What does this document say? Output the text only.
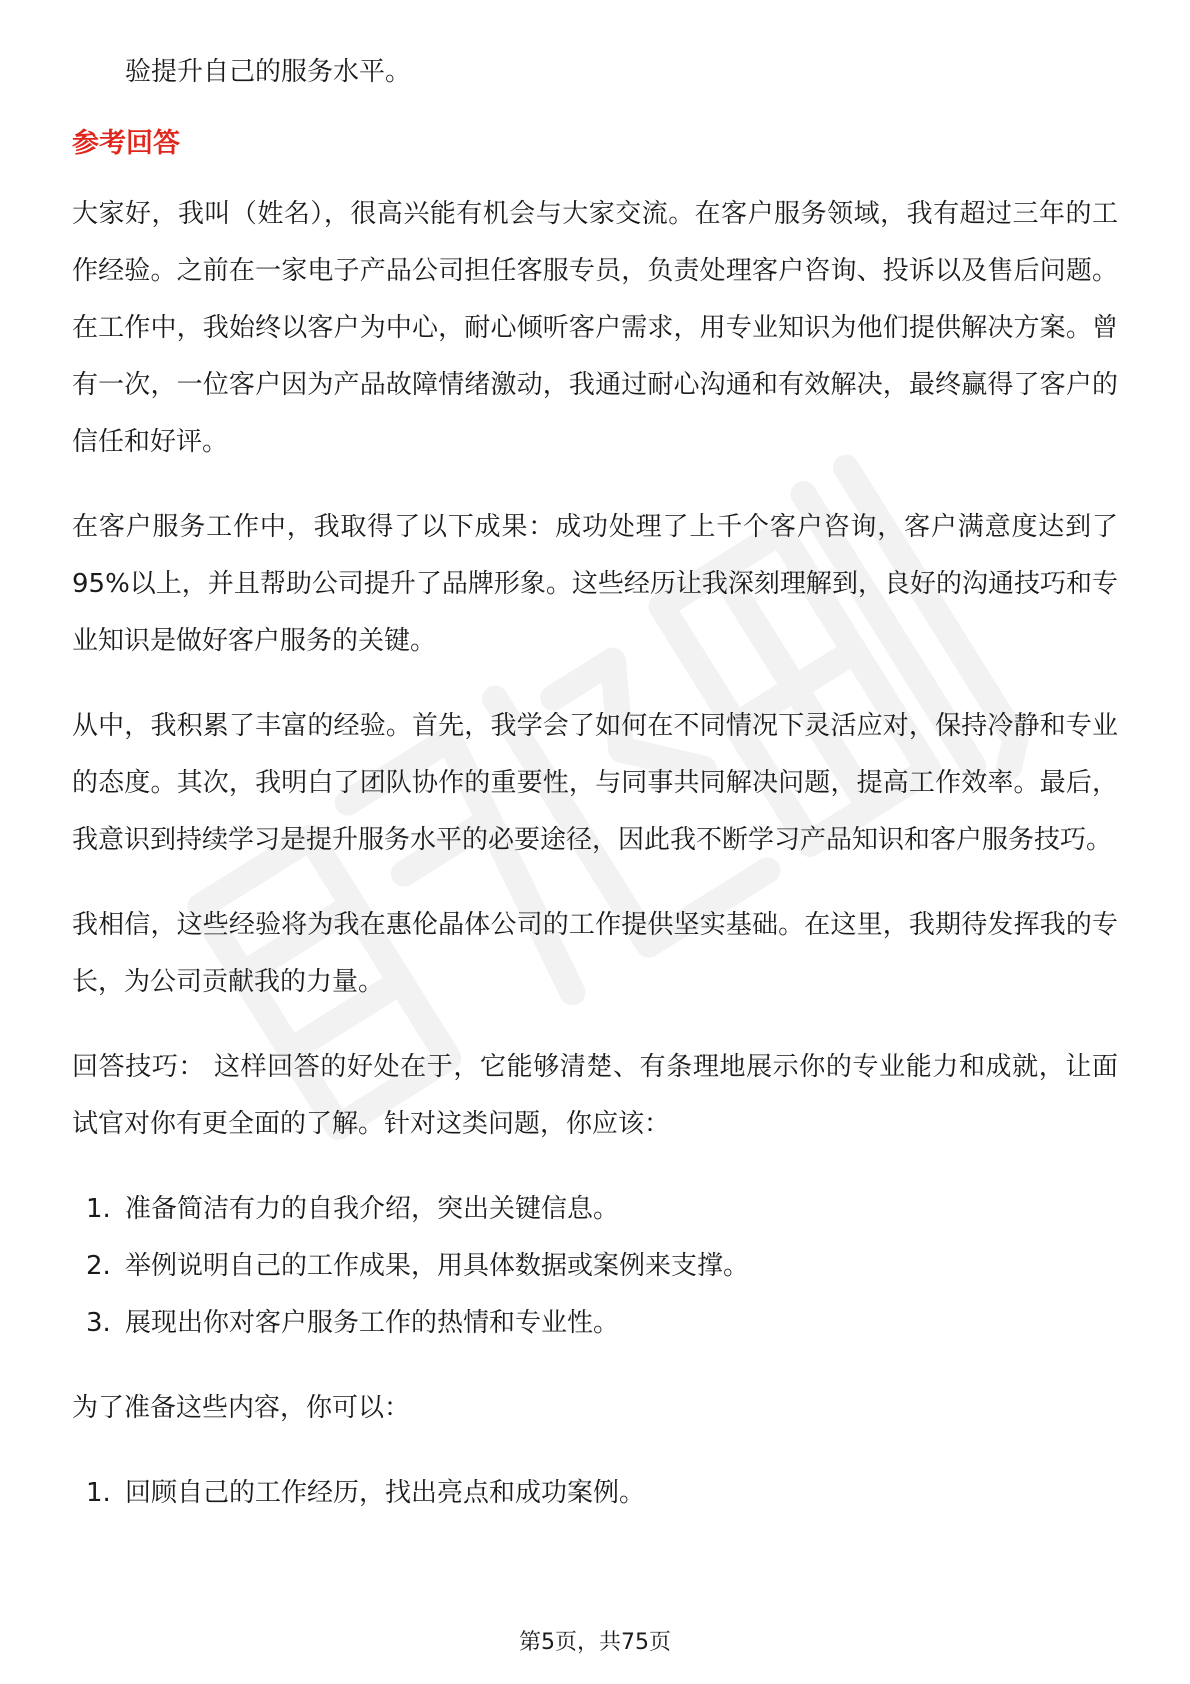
验提升自己的服务水平。

参考回答

大家好，我叫（姓名），很高兴能有机会与大家交流。在客户服务领域，我有超过三年的工作经验。之前在一家电子产品公司担任客服专员，负责处理客户咨询、投诉以及售后问题。在工作中，我始终以客户为中心，耐心倾听客户需求，用专业知识为他们提供解决方案。曾有一次，一位客户因为产品故障情绪激动，我通过耐心沟通和有效解决，最终赢得了客户的信任和好评。

在客户服务工作中，我取得了以下成果：成功处理了上千个客户咨询，客户满意度达到了95%以上，并且帮助公司提升了品牌形象。这些经历让我深刻理解到，良好的沟通技巧和专业知识是做好客户服务的关键。

从中，我积累了丰富的经验。首先，我学会了如何在不同情况下灵活应对，保持冷静和专业的态度。其次，我明白了团队协作的重要性，与同事共同解决问题，提高工作效率。最后，我意识到持续学习是提升服务水平的必要途径，因此我不断学习产品知识和客户服务技巧。

我相信，这些经验将为我在惠伦晶体公司的工作提供坚实基础。在这里，我期待发挥我的专长，为公司贡献我的力量。

回答技巧： 这样回答的好处在于，它能够清楚、有条理地展示你的专业能力和成就，让面试官对你有更全面的了解。针对这类问题，你应该：

1. 准备简洁有力的自我介绍，突出关键信息。
2. 举例说明自己的工作成果，用具体数据或案例来支撑。
3. 展现出你对客户服务工作的热情和专业性。

为了准备这些内容，你可以：

1. 回顾自己的工作经历，找出亮点和成功案例。
第5页，共75页
